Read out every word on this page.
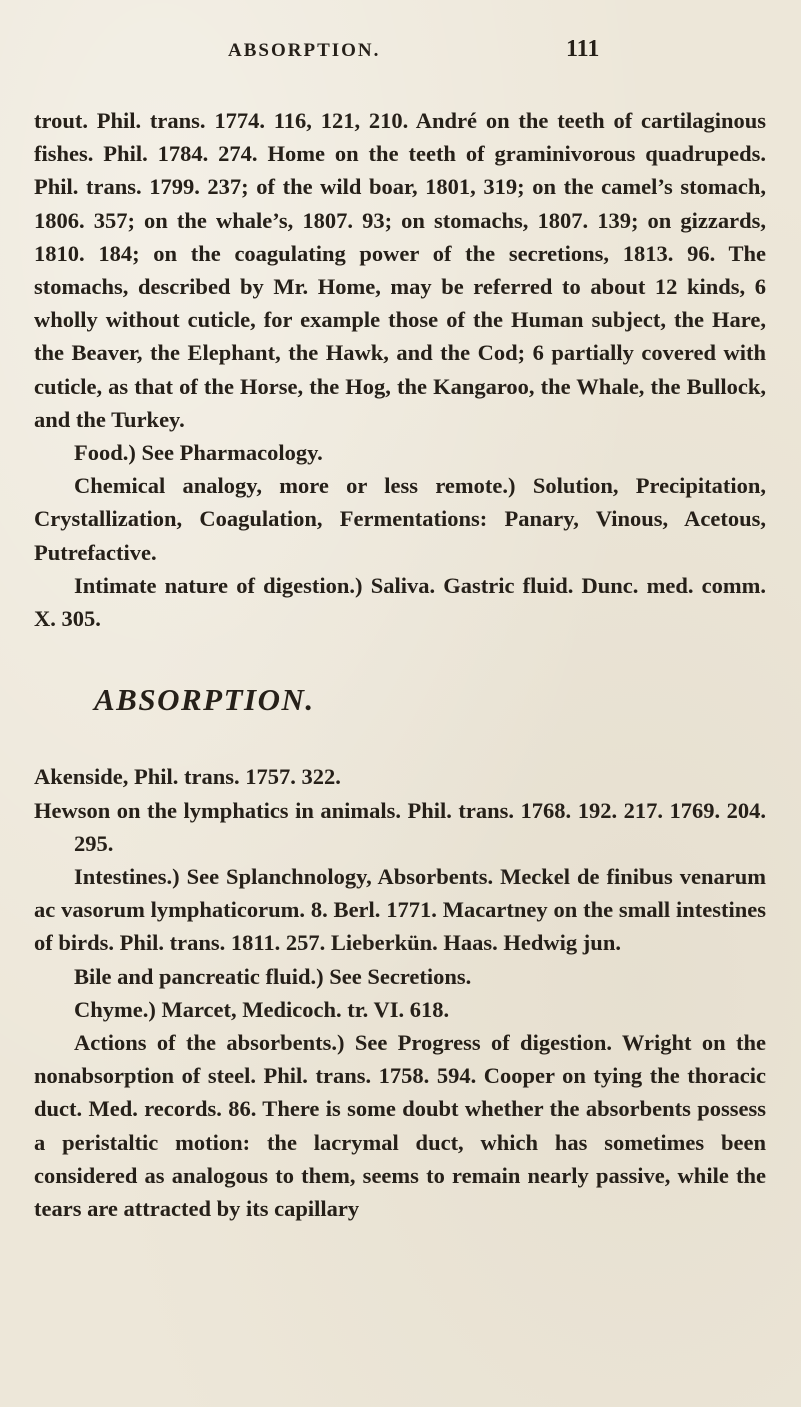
ABSORPTION.	111

trout. Phil. trans. 1774. 116, 121, 210. André on the teeth of cartilaginous fishes. Phil. 1784. 274. Home on the teeth of graminivorous quadrupeds. Phil. trans. 1799. 237; of the wild boar, 1801, 319; on the camel’s stomach, 1806. 357; on the whale’s, 1807. 93; on stomachs, 1807. 139; on gizzards, 1810. 184; on the coagulating power of the secretions, 1813. 96. The stomachs, described by Mr. Home, may be referred to about 12 kinds, 6 wholly without cuticle, for example those of the Human subject, the Hare, the Beaver, the Elephant, the Hawk, and the Cod; 6 partially covered with cuticle, as that of the Horse, the Hog, the Kangaroo, the Whale, the Bullock, and the Turkey.

Food.) See Pharmacology.

Chemical analogy, more or less remote.) Solution, Precipitation, Crystallization, Coagulation, Fermentations: Panary, Vinous, Acetous, Putrefactive.

Intimate nature of digestion.) Saliva. Gastric fluid. Dunc. med. comm. X. 305.

ABSORPTION.

Akenside, Phil. trans. 1757. 322.

Hewson on the lymphatics in animals. Phil. trans. 1768. 192. 217. 1769. 204. 295.

Intestines.) See Splanchnology, Absorbents. Meckel de finibus venarum ac vasorum lymphaticorum. 8. Berl. 1771. Macartney on the small intestines of birds. Phil. trans. 1811. 257. Lieberkün. Haas. Hedwig jun.

Bile and pancreatic fluid.) See Secretions.

Chyme.) Marcet, Medicoch. tr. VI. 618.

Actions of the absorbents.) See Progress of digestion. Wright on the nonabsorption of steel. Phil. trans. 1758. 594. Cooper on tying the thoracic duct. Med. records. 86. There is some doubt whether the absorbents possess a peristaltic motion: the lacrymal duct, which has sometimes been considered as analogous to them, seems to remain nearly passive, while the tears are attracted by its capillary
